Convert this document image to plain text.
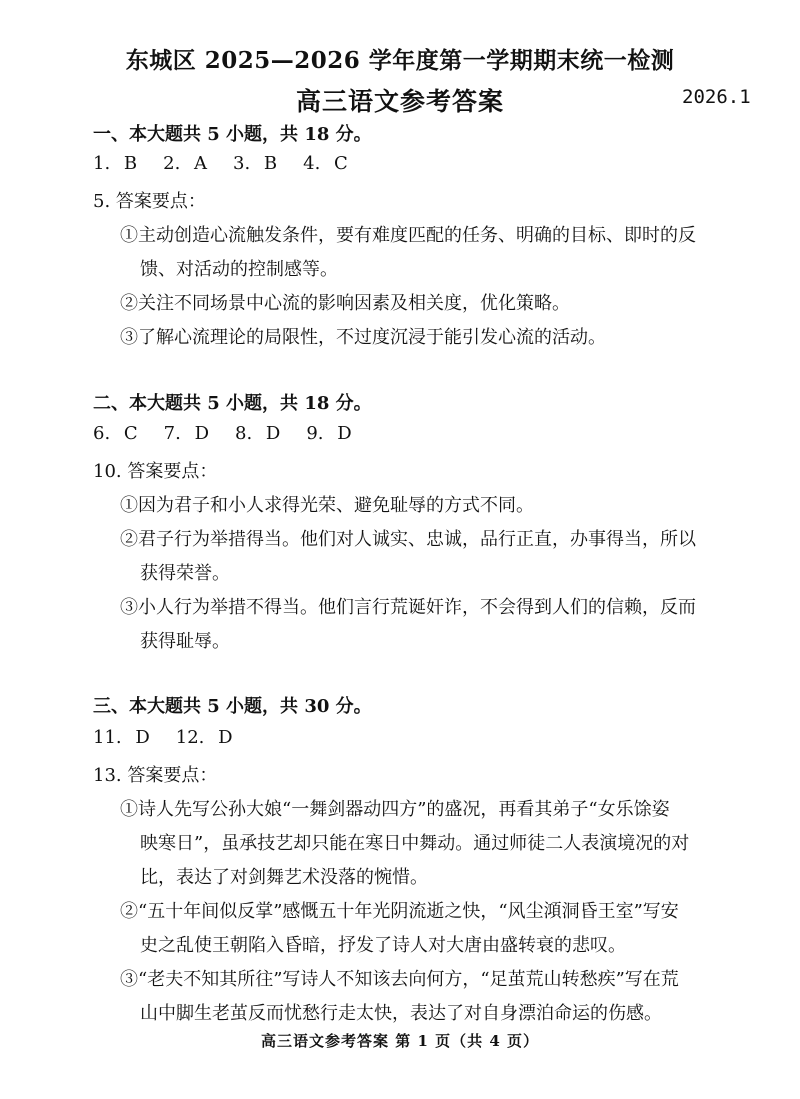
东城区 2025—2026 学年度第一学期期末统一检测
高三语文参考答案	2026.1
一、本大题共 5 小题，共 18 分。
1. B 2. A 3. B 4. C
5. 答案要点：
①主动创造心流触发条件，要有难度匹配的任务、明确的目标、即时的反
馈、对活动的控制感等。
②关注不同场景中心流的影响因素及相关度，优化策略。
③了解心流理论的局限性，不过度沉浸于能引发心流的活动。
二、本大题共 5 小题，共 18 分。
6. C 7. D 8. D 9. D
10. 答案要点：
①因为君子和小人求得光荣、避免耻辱的方式不同。
②君子行为举措得当。他们对人诚实、忠诚，品行正直，办事得当，所以
获得荣誉。
③小人行为举措不得当。他们言行荒诞奸诈，不会得到人们的信赖，反而
获得耻辱。
三、本大题共 5 小题，共 30 分。
11. D 12. D
13. 答案要点：
①诗人先写公孙大娘“一舞剑器动四方”的盛况，再看其弟子“女乐馀姿
映寒日”，虽承技艺却只能在寒日中舞动。通过师徒二人表演境况的对
比，表达了对剑舞艺术没落的惋惜。
②“五十年间似反掌”感慨五十年光阴流逝之快，“风尘澒洞昏王室”写安
史之乱使王朝陷入昏暗，抒发了诗人对大唐由盛转衰的悲叹。
③“老夫不知其所往”写诗人不知该去向何方，“足茧荒山转愁疾”写在荒
山中脚生老茧反而忧愁行走太快，表达了对自身漂泊命运的伤感。
高三语文参考答案 第 1 页（共 4 页）
